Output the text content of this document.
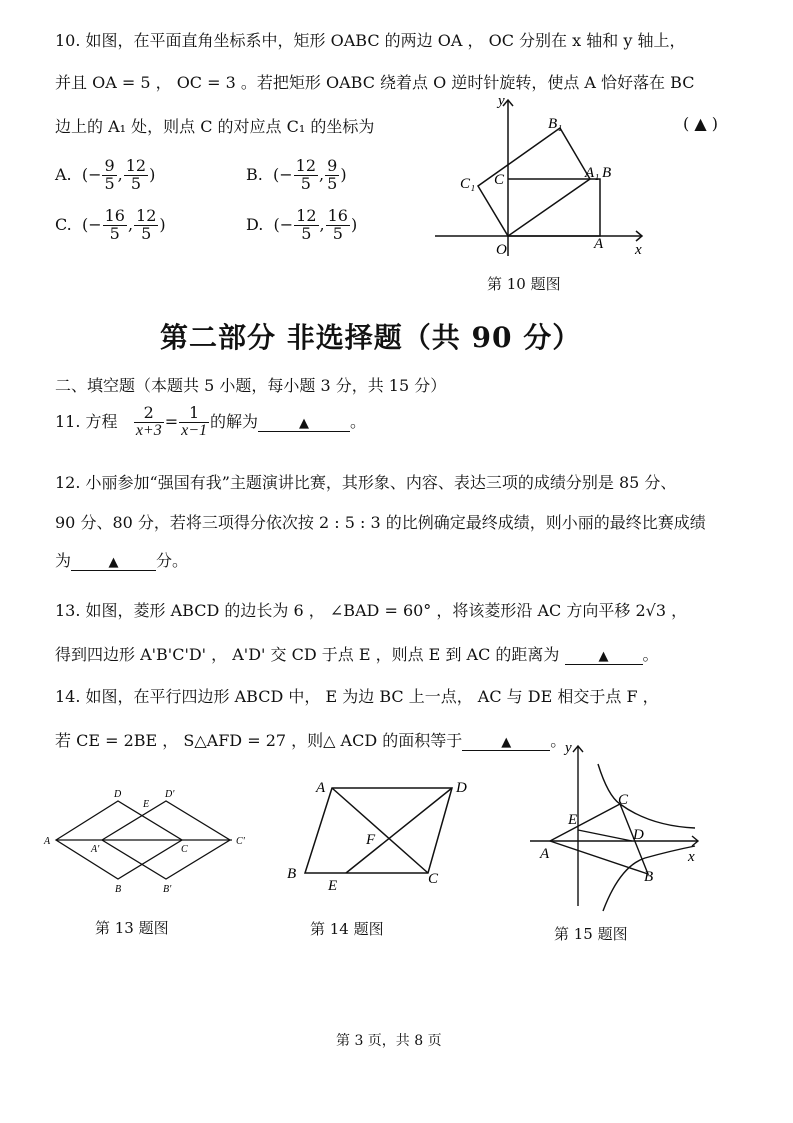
10. 如图，在平面直角坐标系中，矩形 OABC 的两边 OA ， OC 分别在 x 轴和 y 轴上，
并且 OA = 5 ， OC = 3 。若把矩形 OABC 绕着点 O 逆时针旋转，使点 A 恰好落在 BC
边上的 A₁ 处，则点 C 的对应点 C₁ 的坐标为	( ▲ )
A.  (− $\frac{9}{5}$ , $\frac{12}{5}$ )	B.  (− $\frac{12}{5}$ , $\frac{9}{5}$ )
C.  (− $\frac{16}{5}$ , $\frac{12}{5}$ )	D.  (− $\frac{12}{5}$ , $\frac{16}{5}$ )
O	A
B
A₁
B₁
C
C₁
y
x
第 10 题图
第二部分 非选择题（共 90 分）
二、填空题（本题共 5 小题，每小题 3 分，共 15 分）
11. 方程 $\frac{2}{x+3} = \frac{1}{x-1}$ 的解为	▲	。
12. 小丽参加“强国有我”主题演讲比赛，其形象、内容、表达三项的成绩分别是 85 分、
90 分、80 分，若将三项得分依次按 2 : 5 : 3 的比例确定最终成绩，则小丽的最终比赛成绩
为	▲ 分。
13. 如图，菱形 ABCD 的边长为 6 ， ∠BAD = 60° ，将该菱形沿 AC 方向平移 2√3 ，
得到四边形 A'B'C'D' ， A'D' 交 CD 于点 E ，则点 E 到 AC 的距离为	▲ 。
14. 如图，在平行四边形 ABCD 中， E 为边 BC 上一点， AC 与 DE 相交于点 F ，
若 CE = 2BE ， S△AFD = 27 ，则△ ACD 的面积等于	▲ 。
A
D
E
D'
A'	C
C'
B	B'
第 13 题图
A	D
F
B
E	C
第 14 题图
y
x
C
E
D
A
B
第 15 题图
第 3 页，共 8 页
